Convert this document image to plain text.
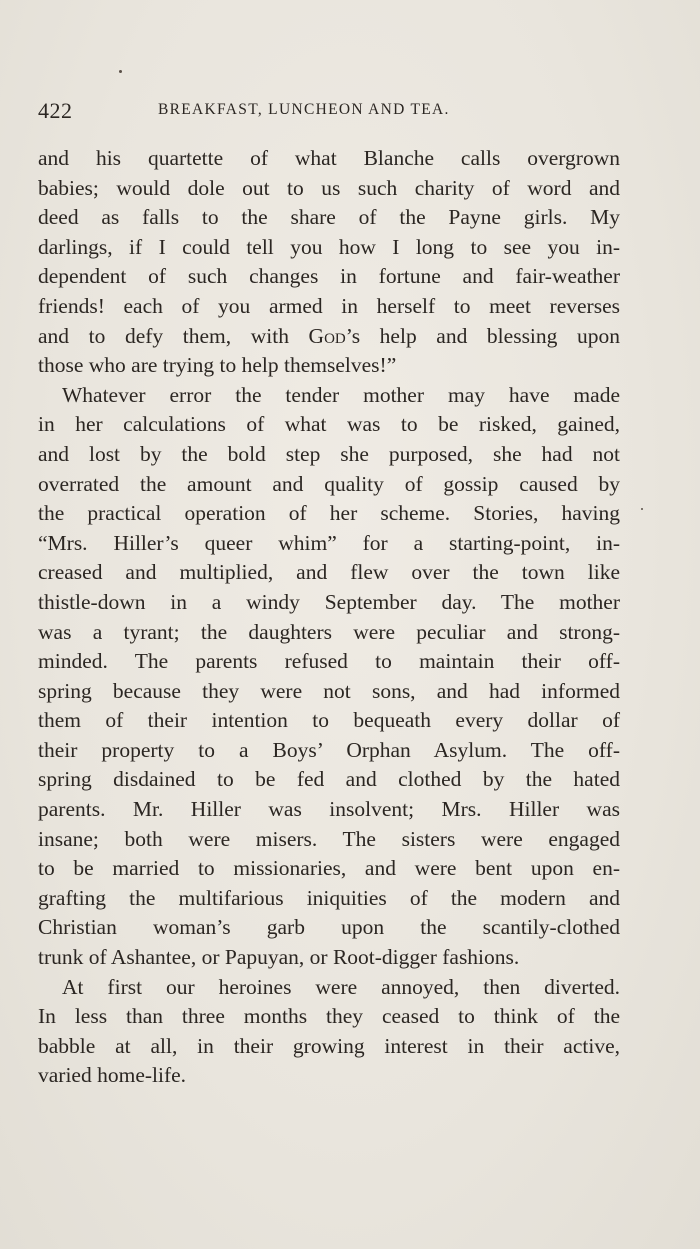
422	BREAKFAST, LUNCHEON AND TEA.
and his quartette of what Blanche calls overgrown
babies; would dole out to us such charity of word and
deed as falls to the share of the Payne girls. My
darlings, if I could tell you how I long to see you in-
dependent of such changes in fortune and fair-weather
friends! each of you armed in herself to meet reverses
and to defy them, with God’s help and blessing upon
those who are trying to help themselves!”
Whatever error the tender mother may have made
in her calculations of what was to be risked, gained,
and lost by the bold step she purposed, she had not
overrated the amount and quality of gossip caused by
the practical operation of her scheme. Stories, having
“Mrs. Hiller’s queer whim” for a starting-point, in-
creased and multiplied, and flew over the town like
thistle-down in a windy September day. The mother
was a tyrant; the daughters were peculiar and strong-
minded. The parents refused to maintain their off-
spring because they were not sons, and had informed
them of their intention to bequeath every dollar of
their property to a Boys’ Orphan Asylum. The off-
spring disdained to be fed and clothed by the hated
parents. Mr. Hiller was insolvent; Mrs. Hiller was
insane; both were misers. The sisters were engaged
to be married to missionaries, and were bent upon en-
grafting the multifarious iniquities of the modern and
Christian woman’s garb upon the scantily-clothed
trunk of Ashantee, or Papuyan, or Root-digger fashions.
At first our heroines were annoyed, then diverted.
In less than three months they ceased to think of the
babble at all, in their growing interest in their active,
varied home-life.
